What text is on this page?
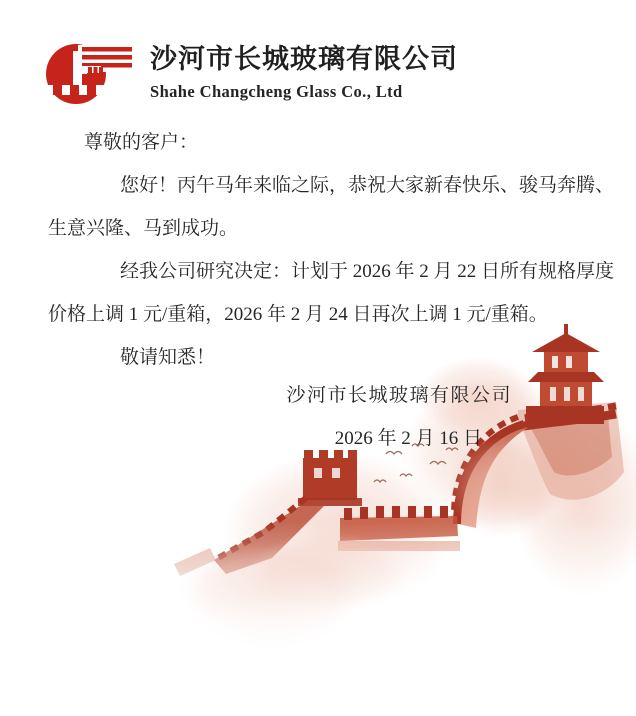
沙河市长城玻璃有限公司
Shahe Changcheng Glass Co., Ltd

尊敬的客户：

您好！丙午马年来临之际，恭祝大家新春快乐、骏马奔腾、

生意兴隆、马到成功。

经我公司研究决定：计划于 2026 年 2 月 22 日所有规格厚度

价格上调 1 元/重箱，2026 年 2 月 24 日再次上调 1 元/重箱。

敬请知悉！

沙河市长城玻璃有限公司
2026 年 2 月 16 日
